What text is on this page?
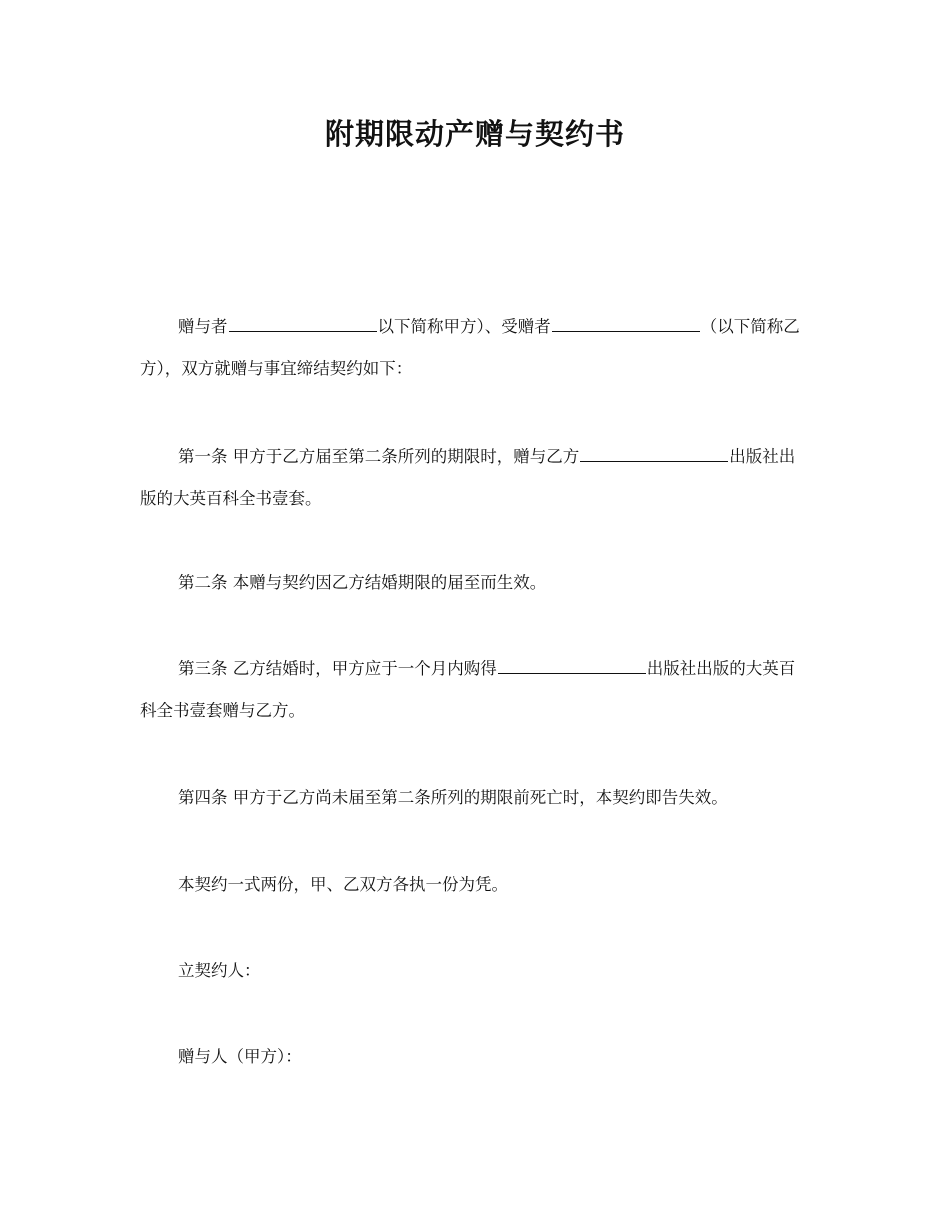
附期限动产赠与契约书

赠与者	以下简称甲方）、受赠者	（以下简称乙方），双方就赠与事宜缔结契约如下：

第一条 甲方于乙方届至第二条所列的期限时，赠与乙方	出版社出版的大英百科全书壹套。

第二条 本赠与契约因乙方结婚期限的届至而生效。

第三条 乙方结婚时，甲方应于一个月内购得	出版社出版的大英百科全书壹套赠与乙方。

第四条 甲方于乙方尚未届至第二条所列的期限前死亡时，本契约即告失效。

本契约一式两份，甲、乙双方各执一份为凭。

立契约人：

赠与人（甲方）：
